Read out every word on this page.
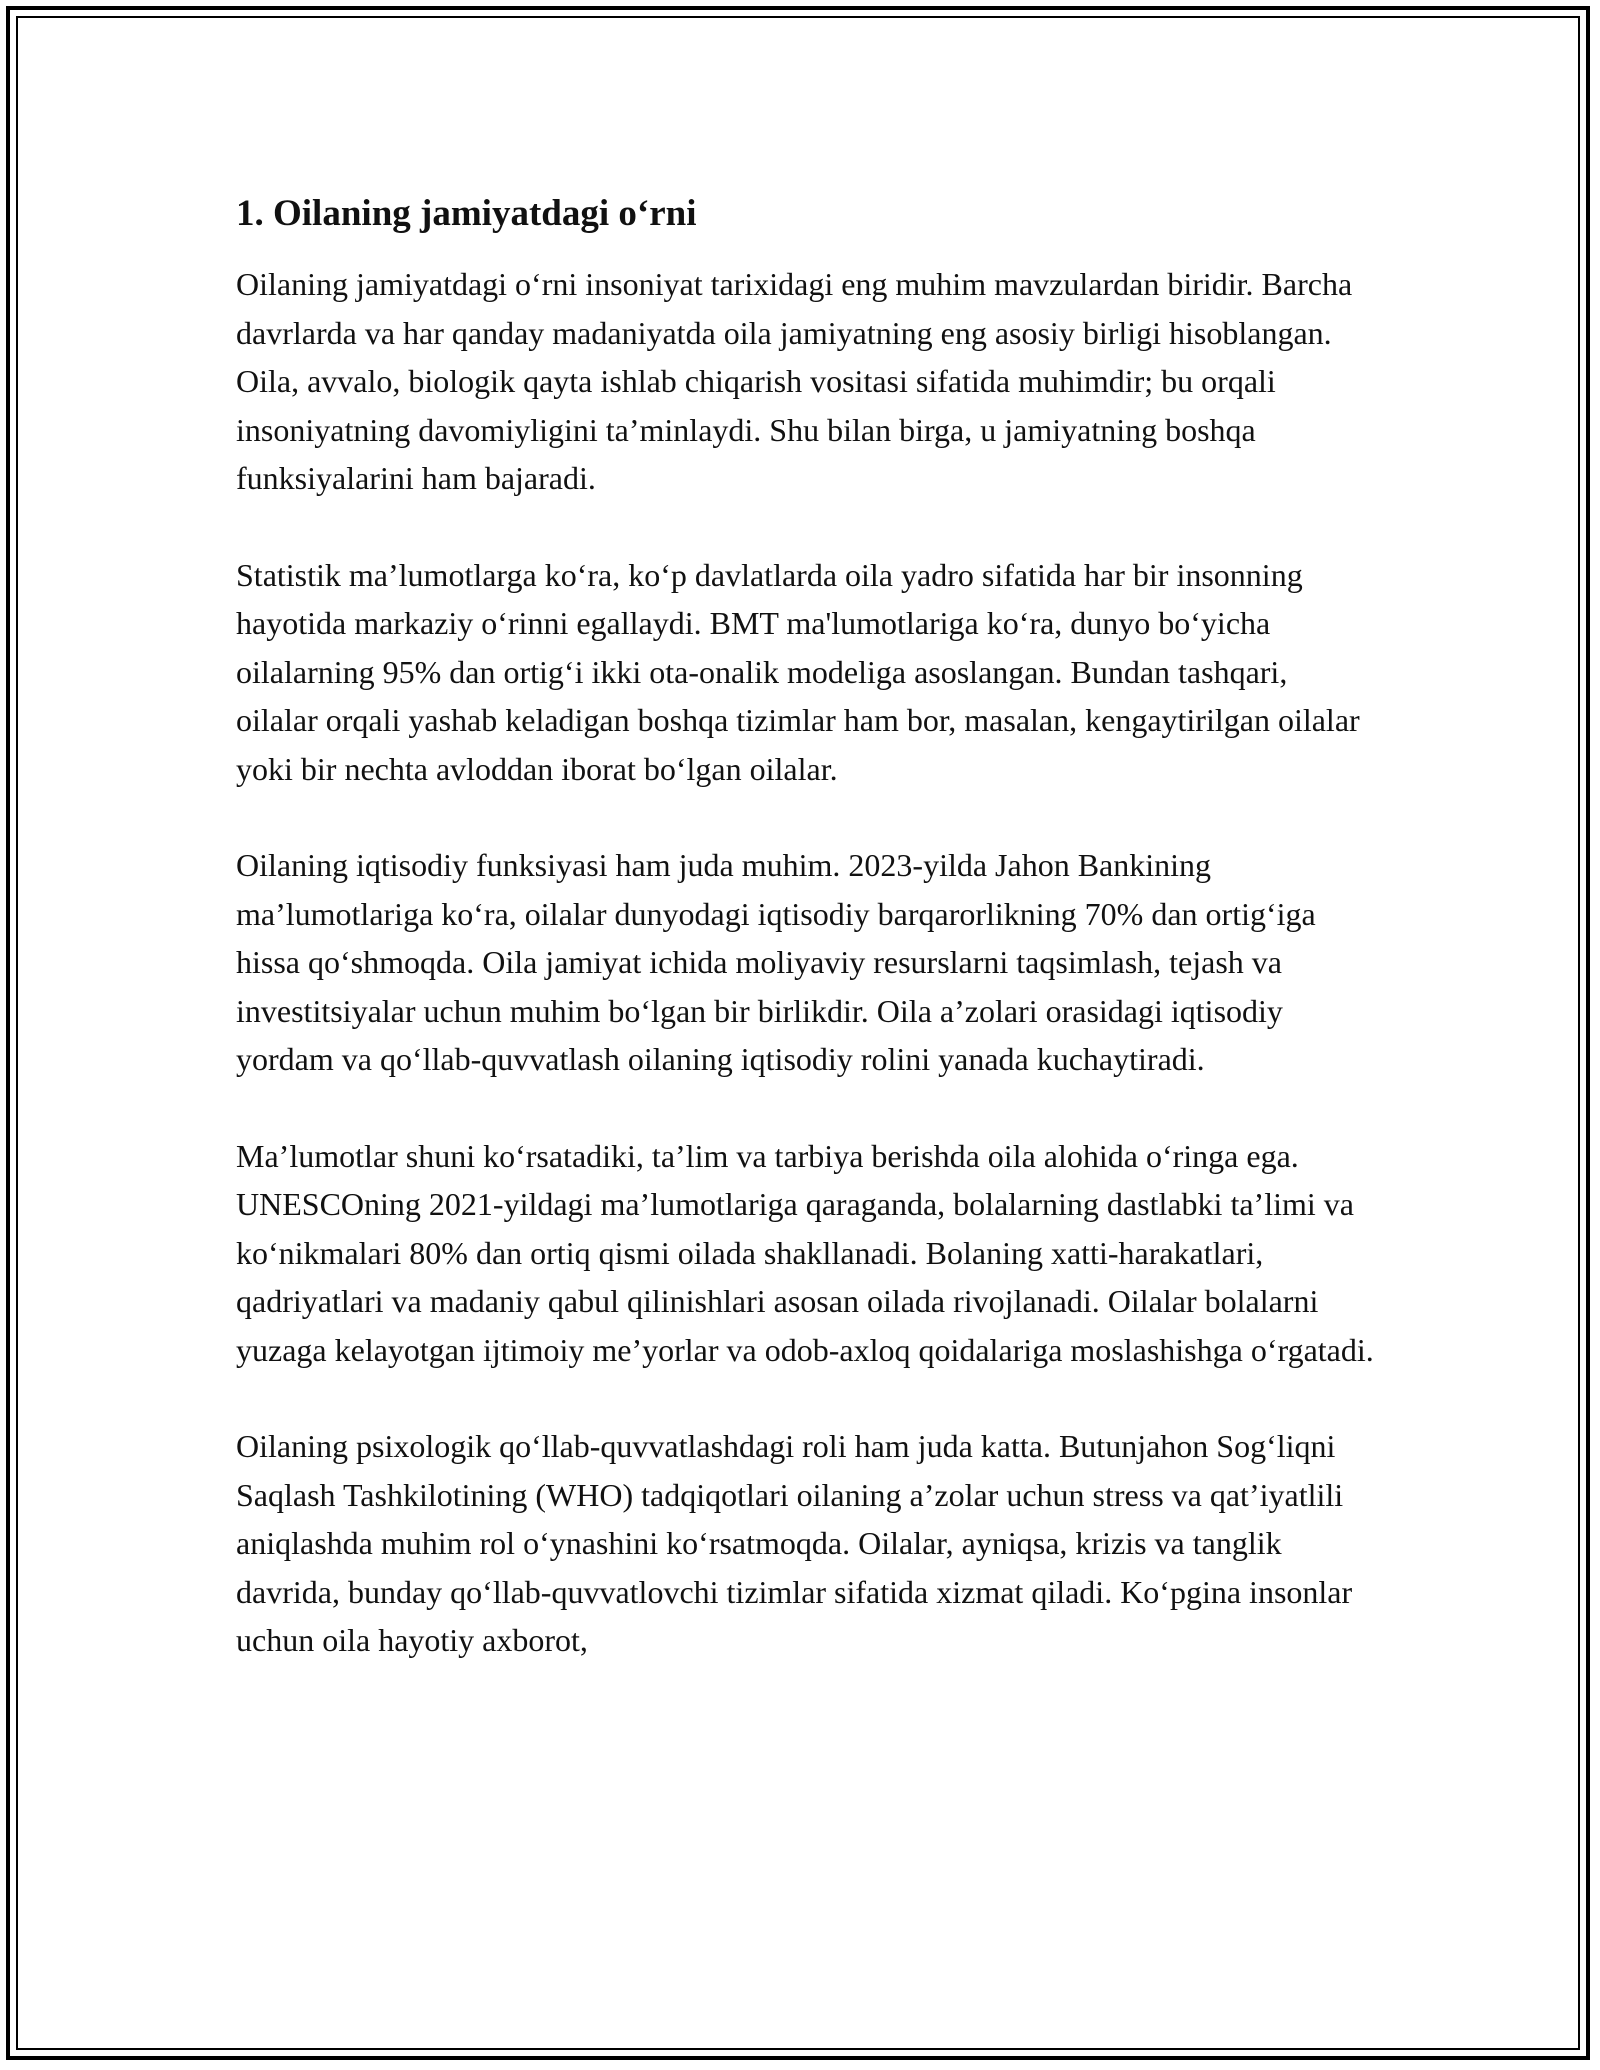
1. Oilaning jamiyatdagi o‘rni

Oilaning jamiyatdagi o‘rni insoniyat tarixidagi eng muhim mavzulardan biridir. Barcha davrlarda va har qanday madaniyatda oila jamiyatning eng asosiy birligi hisoblangan. Oila, avvalo, biologik qayta ishlab chiqarish vositasi sifatida muhimdir; bu orqali insoniyatning davomiyligini ta’minlaydi. Shu bilan birga, u jamiyatning boshqa funksiyalarini ham bajaradi.

Statistik ma’lumotlarga ko‘ra, ko‘p davlatlarda oila yadro sifatida har bir insonning hayotida markaziy o‘rinni egallaydi. BMT ma'lumotlariga ko‘ra, dunyo bo‘yicha oilalarning 95% dan ortig‘i ikki ota-onalik modeliga asoslangan. Bundan tashqari, oilalar orqali yashab keladigan boshqa tizimlar ham bor, masalan, kengaytirilgan oilalar yoki bir nechta avloddan iborat bo‘lgan oilalar.

Oilaning iqtisodiy funksiyasi ham juda muhim. 2023-yilda Jahon Bankining ma’lumotlariga ko‘ra, oilalar dunyodagi iqtisodiy barqarorlikning 70% dan ortig‘iga hissa qo‘shmoqda. Oila jamiyat ichida moliyaviy resurslarni taqsimlash, tejash va investitsiyalar uchun muhim bo‘lgan bir birlikdir. Oila a’zolari orasidagi iqtisodiy yordam va qo‘llab-quvvatlash oilaning iqtisodiy rolini yanada kuchaytiradi.

Ma’lumotlar shuni ko‘rsatadiki, ta’lim va tarbiya berishda oila alohida o‘ringa ega. UNESCOning 2021-yildagi ma’lumotlariga qaraganda, bolalarning dastlabki ta’limi va ko‘nikmalari 80% dan ortiq qismi oilada shakllanadi. Bolaning xatti-harakatlari, qadriyatlari va madaniy qabul qilinishlari asosan oilada rivojlanadi. Oilalar bolalarni yuzaga kelayotgan ijtimoiy me’yorlar va odob-axloq qoidalariga moslashishga o‘rgatadi.

Oilaning psixologik qo‘llab-quvvatlashdagi roli ham juda katta. Butunjahon Sog‘liqni Saqlash Tashkilotining (WHO) tadqiqotlari oilaning a’zolar uchun stress va qat’iyatlili aniqlashda muhim rol o‘ynashini ko‘rsatmoqda. Oilalar, ayniqsa, krizis va tanglik davrida, bunday qo‘llab-quvvatlovchi tizimlar sifatida xizmat qiladi. Ko‘pgina insonlar uchun oila hayotiy axborot,
